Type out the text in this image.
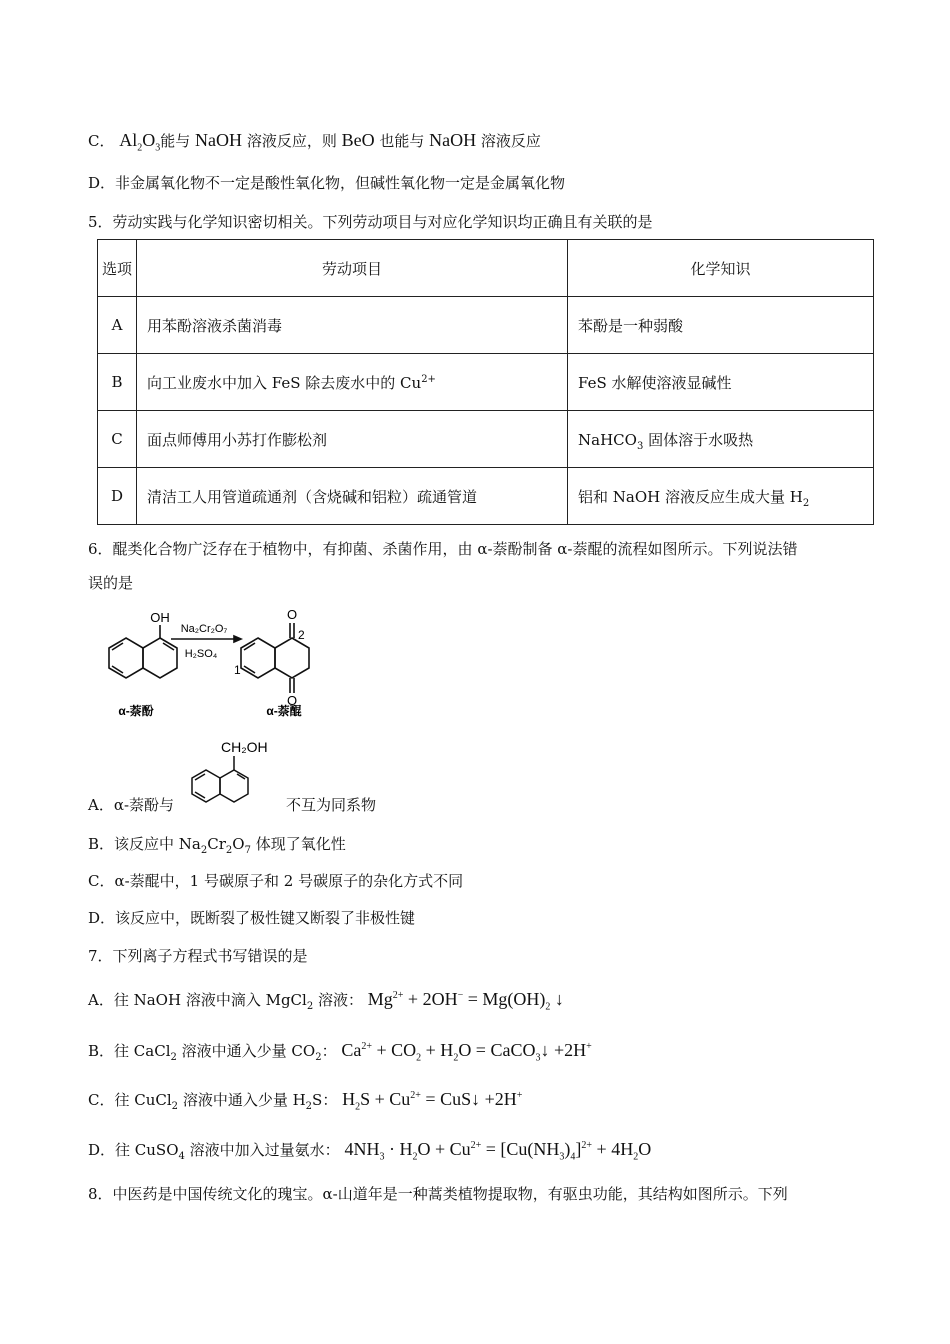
C． $Al_2O_3$能与 NaOH 溶液反应，则 BeO 也能与 NaOH 溶液反应
D．非金属氧化物不一定是酸性氧化物，但碱性氧化物一定是金属氧化物
5．劳动实践与化学知识密切相关。下列劳动项目与对应化学知识均正确且有关联的是
选项	劳动项目	化学知识
A	用苯酚溶液杀菌消毒	苯酚是一种弱酸
B	向工业废水中加入 FeS 除去废水中的 $Cu^{2+}$	FeS 水解使溶液显碱性
C	面点师傅用小苏打作膨松剂	NaHCO$_3$ 固体溶于水吸热
D	清洁工人用管道疏通剂（含烧碱和铝粒）疏通管道	铝和 NaOH 溶液反应生成大量 $H_2$
6．醌类化合物广泛存在于植物中，有抑菌、杀菌作用，由 α-萘酚制备 α-萘醌的流程如图所示。下列说法错
误的是
OH
Na₂Cr₂O₇
H₂SO₄
O
O
1
2
α-萘酚	α-萘醌
A．α-萘酚与
CH₂OH
不互为同系物
B．该反应中 $Na_2Cr_2O_7$ 体现了氧化性
C．α-萘醌中，1 号碳原子和 2 号碳原子的杂化方式不同
D．该反应中，既断裂了极性键又断裂了非极性键
7．下列离子方程式书写错误的是
A．往 NaOH 溶液中滴入 MgCl$_2$ 溶液： $Mg^{2+} + 2OH^- = Mg(OH)_2$ ↓
B．往 CaCl$_2$ 溶液中通入少量 $CO_2$： $Ca^{2+} + CO_2 + H_2O$ = CaCO$_3$↓ +2H+
C．往 CuCl$_2$ 溶液中通入少量 $H_2S$： $H_2S + Cu^{2+}$ = CuS↓ +2H+
D．往 CuSO$_4$ 溶液中加入过量氨水： $4NH_3 \cdot H_2O + Cu^{2+} = [Cu(NH_3)_4]^{2+} + 4H_2O$
8．中医药是中国传统文化的瑰宝。α-山道年是一种蒿类植物提取物，有驱虫功能，其结构如图所示。下列
